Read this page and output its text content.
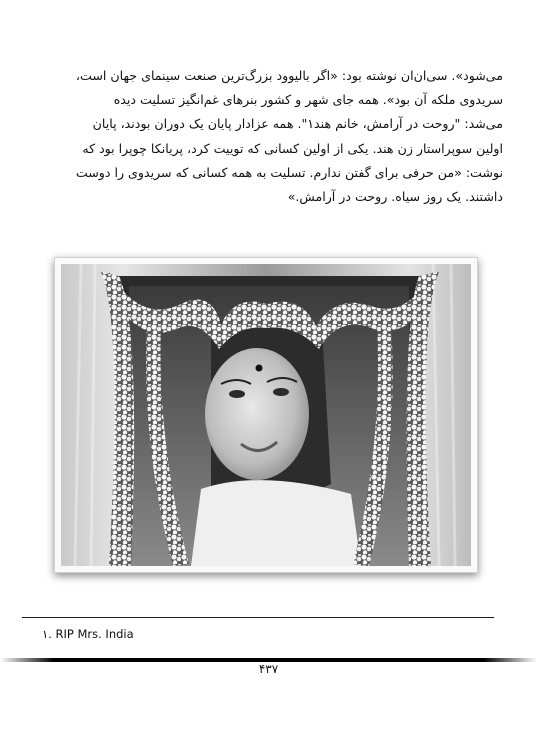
می‌شود». سی‌ان‌ان نوشته بود: «اگر بالیوود بزرگ‌ترین صنعت سینمای جهان است،
سریدوی ملکه آن بود». همه جای شهر و کشور بنرهای غم‌انگیز تسلیت دیده
می‌شد: "روحت در آرامش، خانم هند۱". همه عزادار پایان یک دوران بودند، پایان
اولین سوپراستار زن هند. یکی از اولین کسانی که توییت کرد، پریانکا چوپرا بود که
نوشت: «من حرفی برای گفتن ندارم. تسلیت به همه کسانی که سریدوی را دوست
داشتند. یک روز سیاه. روحت در آرامش.»
۱. RIP Mrs. India
۴۳۷
